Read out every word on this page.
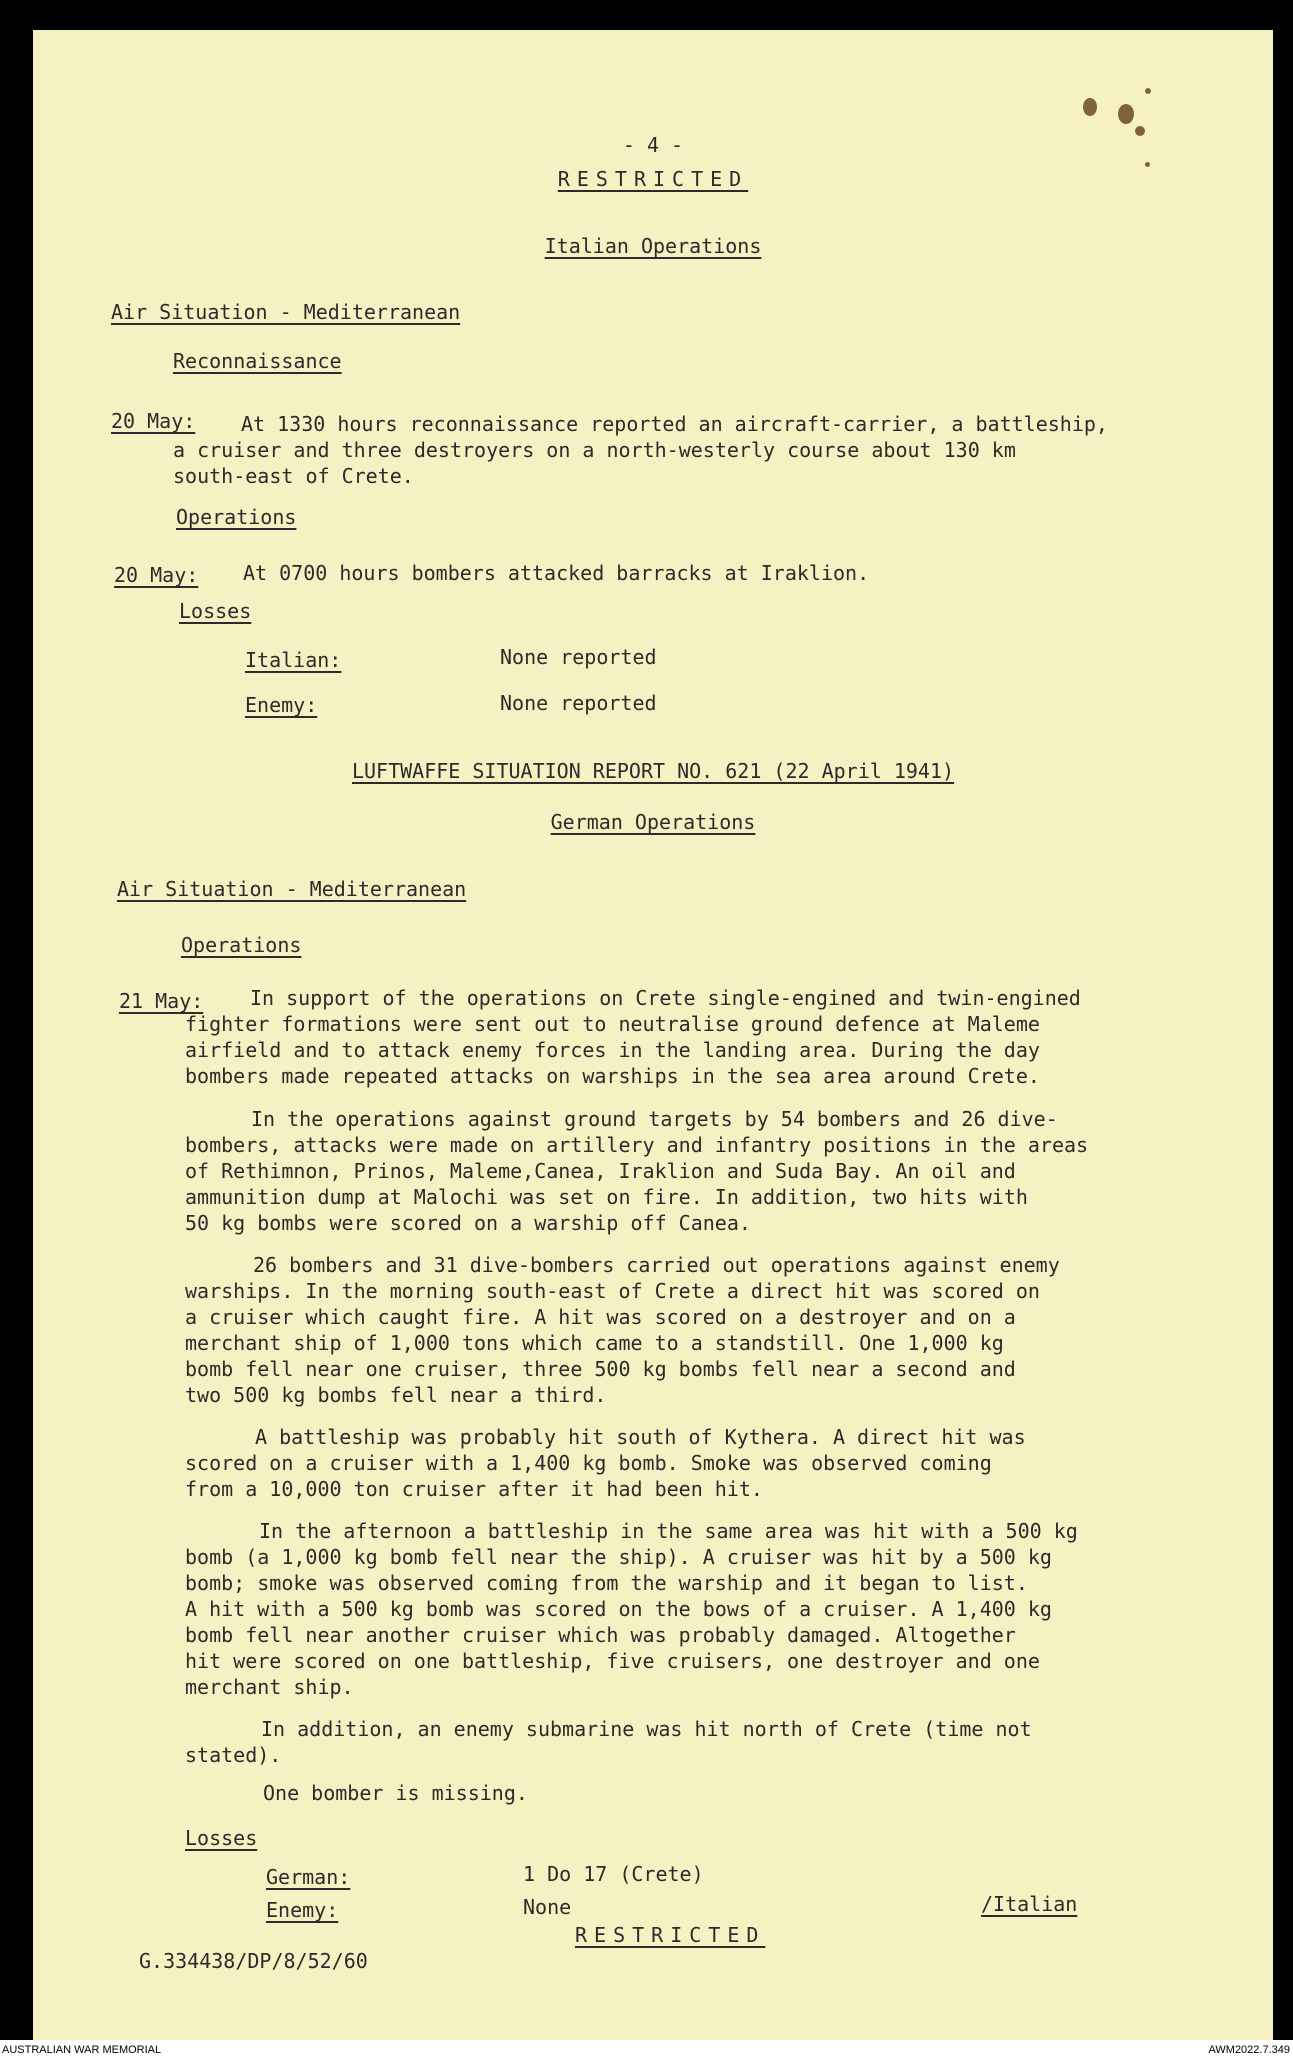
- 4 -
RESTRICTED
Italian Operations
Air Situation - Mediterranean
Reconnaissance
20 May: At 1330 hours reconnaissance reported an aircraft-carrier, a battleship,
a cruiser and three destroyers on a north-westerly course about 130 km
south-east of Crete.
Operations
20 May: At 0700 hours bombers attacked barracks at Iraklion.
Losses
Italian:	None reported
Enemy:	None reported
LUFTWAFFE SITUATION REPORT NO. 621 (22 April 1941)
German Operations
Air Situation - Mediterranean
Operations
21 May: In support of the operations on Crete single-engined and twin-engined
fighter formations were sent out to neutralise ground defence at Maleme
airfield and to attack enemy forces in the landing area. During the day
bombers made repeated attacks on warships in the sea area around Crete.
In the operations against ground targets by 54 bombers and 26 dive-
bombers, attacks were made on artillery and infantry positions in the areas
of Rethimnon, Prinos, Maleme,Canea, Iraklion and Suda Bay. An oil and
ammunition dump at Malochi was set on fire. In addition, two hits with
50 kg bombs were scored on a warship off Canea.
26 bombers and 31 dive-bombers carried out operations against enemy
warships. In the morning south-east of Crete a direct hit was scored on
a cruiser which caught fire. A hit was scored on a destroyer and on a
merchant ship of 1,000 tons which came to a standstill. One 1,000 kg
bomb fell near one cruiser, three 500 kg bombs fell near a second and
two 500 kg bombs fell near a third.
A battleship was probably hit south of Kythera. A direct hit was
scored on a cruiser with a 1,400 kg bomb. Smoke was observed coming
from a 10,000 ton cruiser after it had been hit.
In the afternoon a battleship in the same area was hit with a 500 kg
bomb (a 1,000 kg bomb fell near the ship). A cruiser was hit by a 500 kg
bomb; smoke was observed coming from the warship and it began to list.
A hit with a 500 kg bomb was scored on the bows of a cruiser. A 1,400 kg
bomb fell near another cruiser which was probably damaged. Altogether
hit were scored on one battleship, five cruisers, one destroyer and one
merchant ship.
In addition, an enemy submarine was hit north of Crete (time not
stated).
One bomber is missing.
Losses
German:	1 Do 17 (Crete)
Enemy:	None	/Italian
RESTRICTED
G.334438/DP/8/52/60
AUSTRALIAN WAR MEMORIAL	AWM2022.7.349
